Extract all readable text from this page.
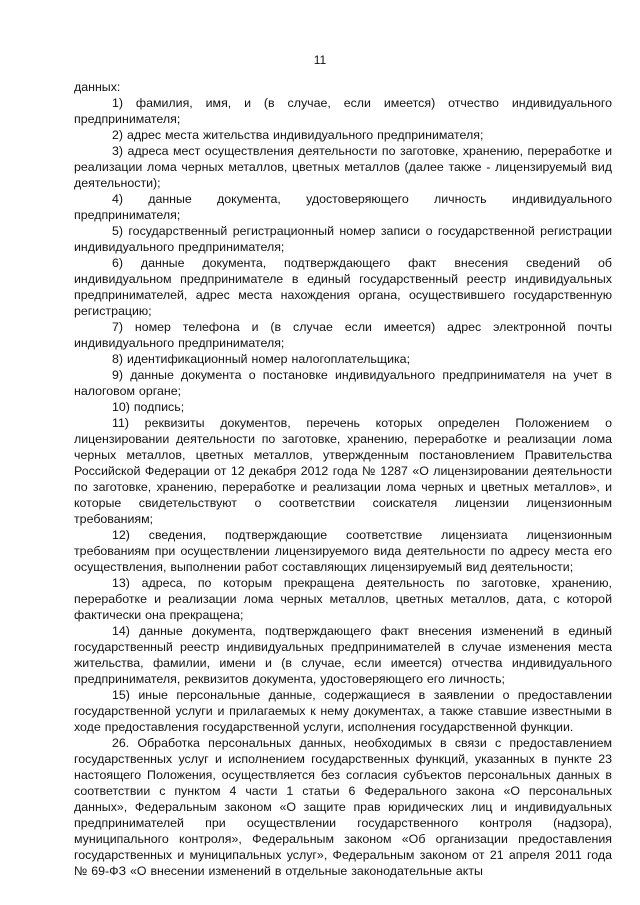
11

данных:

1) фамилия, имя, и (в случае, если имеется) отчество индивидуального предпринимателя;

2) адрес места жительства индивидуального предпринимателя;

3) адреса мест осуществления деятельности по заготовке, хранению, переработке и реализации лома черных металлов, цветных металлов (далее также - лицензируемый вид деятельности);

4) данные документа, удостоверяющего личность индивидуального предпринимателя;

5) государственный регистрационный номер записи о государственной регистрации индивидуального предпринимателя;

6) данные документа, подтверждающего факт внесения сведений об индивидуальном предпринимателе в единый государственный реестр индивидуальных предпринимателей, адрес места нахождения органа, осуществившего государственную регистрацию;

7) номер телефона и (в случае если имеется) адрес электронной почты индивидуального предпринимателя;

8) идентификационный номер налогоплательщика;

9) данные документа о постановке индивидуального предпринимателя на учет в налоговом органе;

10) подпись;

11) реквизиты документов, перечень которых определен Положением о лицензировании деятельности по заготовке, хранению, переработке и реализации лома черных металлов, цветных металлов, утвержденным постановлением Правительства Российской Федерации от 12 декабря 2012 года № 1287 «О лицензировании деятельности по заготовке, хранению, переработке и реализации лома черных и цветных металлов», и которые свидетельствуют о соответствии соискателя лицензии лицензионным требованиям;

12) сведения, подтверждающие соответствие лицензиата лицензионным требованиям при осуществлении лицензируемого вида деятельности по адресу места его осуществления, выполнении работ составляющих лицензируемый вид деятельности;

13) адреса, по которым прекращена деятельность по заготовке, хранению, переработке и реализации лома черных металлов, цветных металлов, дата, с которой фактически она прекращена;

14) данные документа, подтверждающего факт внесения изменений в единый государственный реестр индивидуальных предпринимателей в случае изменения места жительства, фамилии, имени и (в случае, если имеется) отчества индивидуального предпринимателя, реквизитов документа, удостоверяющего его личность;

15) иные персональные данные, содержащиеся в заявлении о предоставлении государственной услуги и прилагаемых к нему документах, а также ставшие известными в ходе предоставления государственной услуги, исполнения государственной функции.

26. Обработка персональных данных, необходимых в связи с предоставлением государственных услуг и исполнением государственных функций, указанных в пункте 23 настоящего Положения, осуществляется без согласия субъектов персональных данных в соответствии с пунктом 4 части 1 статьи 6 Федерального закона «О персональных данных», Федеральным законом «О защите прав юридических лиц и индивидуальных предпринимателей при осуществлении государственного контроля (надзора), муниципального контроля», Федеральным законом «Об организации предоставления государственных и муниципальных услуг», Федеральным законом от 21 апреля 2011 года № 69-ФЗ «О внесении изменений в отдельные законодательные акты
